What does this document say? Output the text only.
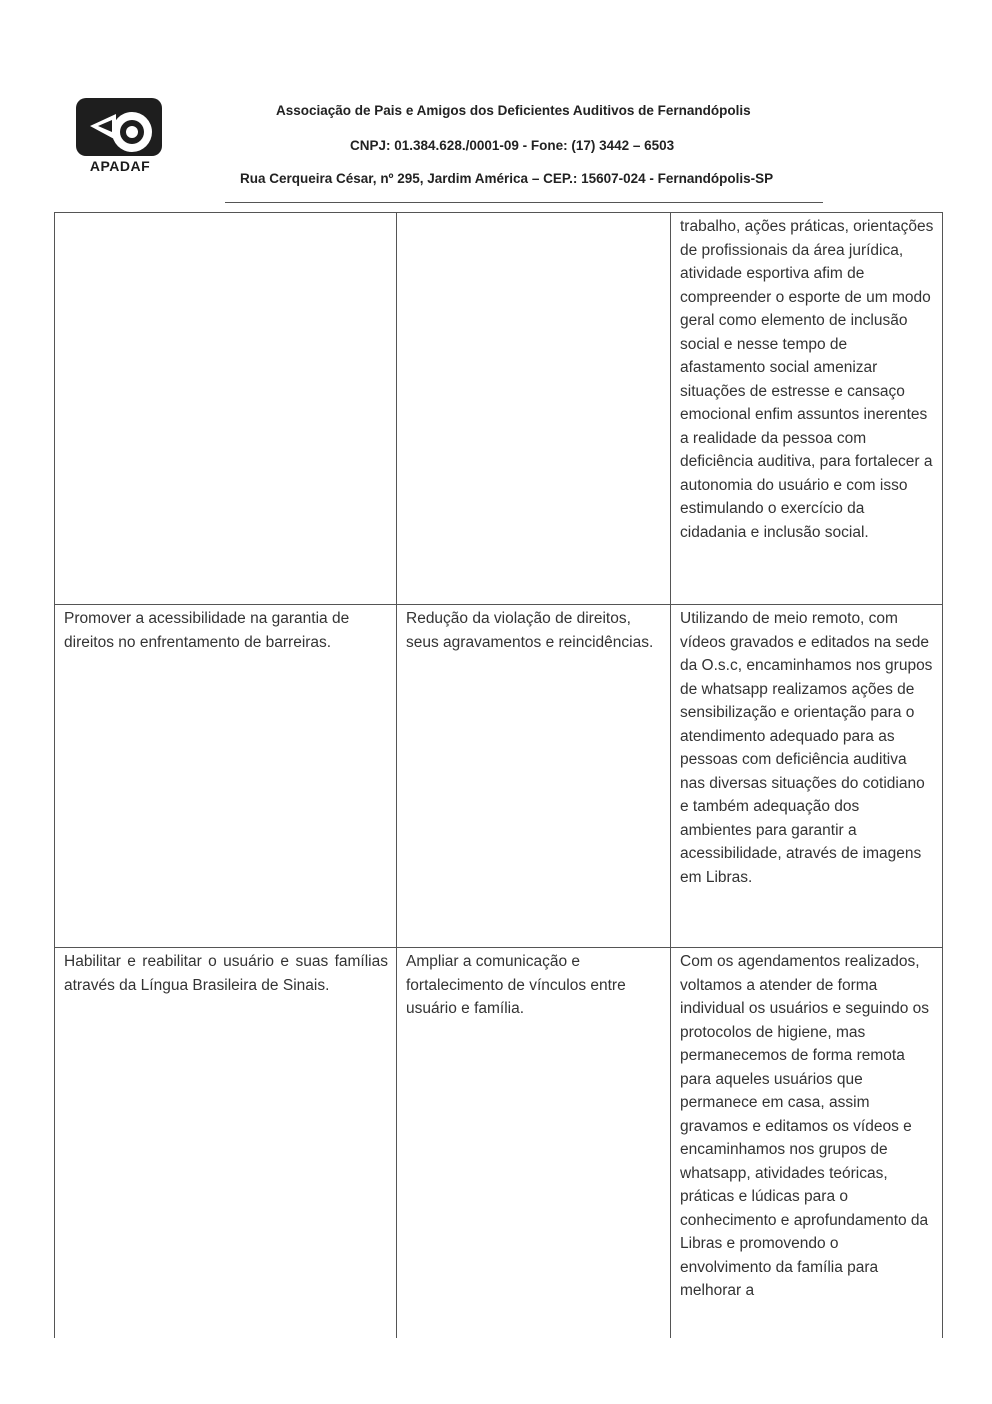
APADAF
Associação de Pais e Amigos dos Deficientes Auditivos de Fernandópolis
CNPJ: 01.384.628./0001-09 - Fone: (17) 3442 – 6503
Rua Cerqueira César, nº 295, Jardim América – CEP.: 15607-024 - Fernandópolis-SP
trabalho, ações práticas, orientações de profissionais da área jurídica, atividade esportiva afim de compreender o esporte de um modo geral como elemento de inclusão social e nesse tempo de afastamento social amenizar situações de estresse e cansaço emocional enfim assuntos inerentes a realidade da pessoa com deficiência auditiva, para fortalecer a autonomia do usuário e com isso estimulando o exercício da cidadania e inclusão social.
Promover a acessibilidade na garantia de direitos no enfrentamento de barreiras.
Redução da violação de direitos, seus agravamentos e reincidências.
Utilizando de meio remoto, com vídeos gravados e editados na sede da O.s.c, encaminhamos nos grupos de whatsapp realizamos ações de sensibilização e orientação para o atendimento adequado para as pessoas com deficiência auditiva nas diversas situações do cotidiano e também adequação dos ambientes para garantir a acessibilidade, através de imagens em Libras.
Habilitar e reabilitar o usuário e suas famílias através da Língua Brasileira de Sinais.
Ampliar a comunicação e fortalecimento de vínculos entre usuário e família.
Com os agendamentos realizados, voltamos a atender de forma individual os usuários e seguindo os protocolos de higiene, mas permanecemos de forma remota para aqueles usuários que permanece em casa, assim gravamos e editamos os vídeos e encaminhamos nos grupos de whatsapp, atividades teóricas, práticas e lúdicas para o conhecimento e aprofundamento da Libras e promovendo o envolvimento da família para melhorar a
